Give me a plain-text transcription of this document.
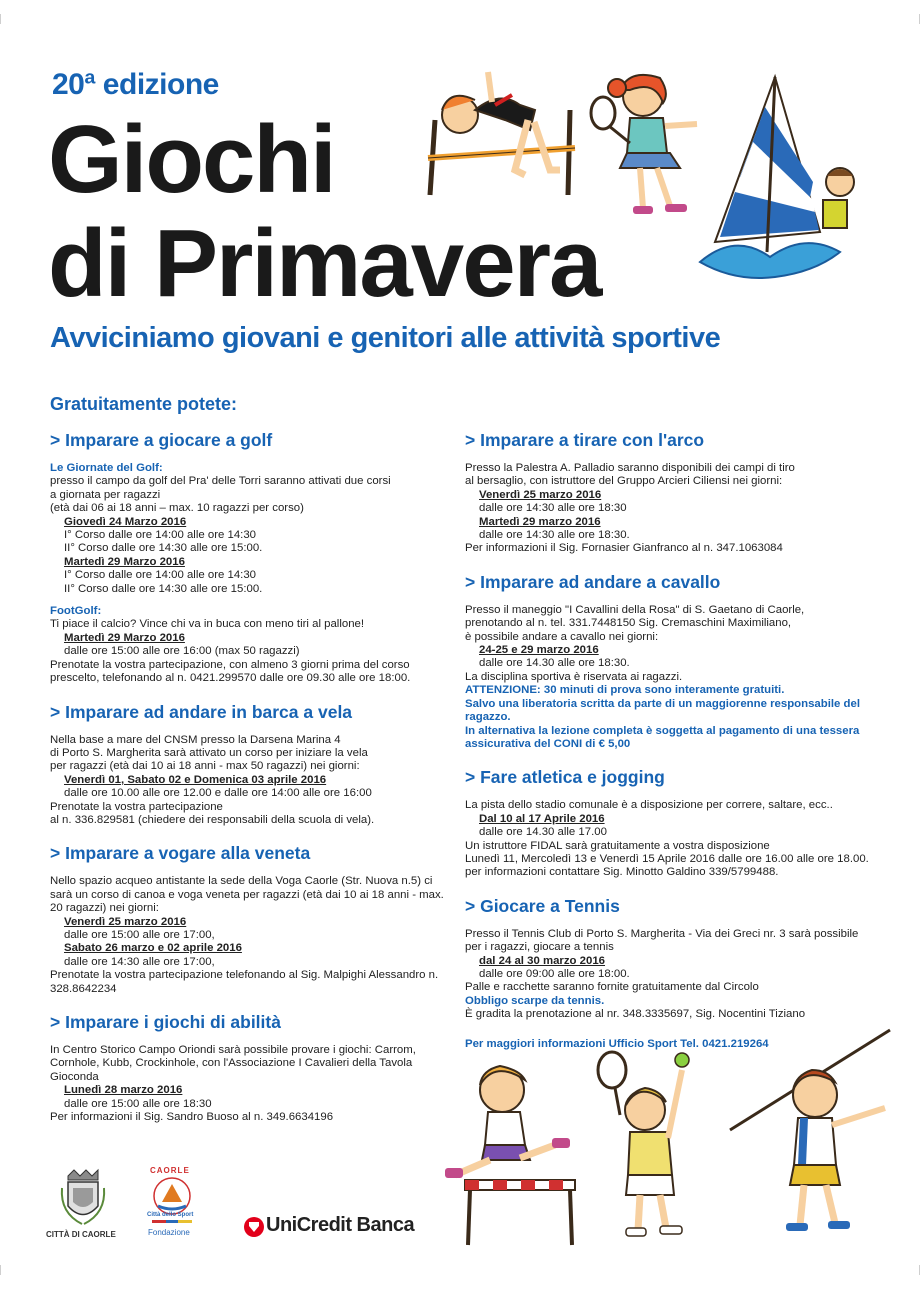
20ª edizione
Giochi
di Primavera
Avviciniamo giovani e genitori alle attività sportive
Gratuitamente potete:
> Imparare a giocare a golf
Le Giornate del Golf:
presso il campo da golf del Pra' delle Torri saranno attivati due corsi
a giornata per ragazzi
(età dai 06 ai 18 anni – max. 10 ragazzi per corso)
Giovedì 24 Marzo 2016
I° Corso dalle ore 14:00 alle ore 14:30
II° Corso dalle ore 14:30 alle ore 15:00.
Martedì 29 Marzo 2016
I° Corso dalle ore 14:00 alle ore 14:30
II° Corso dalle ore 14:30 alle ore 15:00.
FootGolf:
Ti piace il calcio? Vince chi va in buca con meno tiri al pallone!
Martedì 29 Marzo 2016
dalle ore 15:00 alle ore 16:00 (max 50 ragazzi)
Prenotate la vostra partecipazione, con almeno 3 giorni prima del corso
prescelto, telefonando al n. 0421.299570 dalle ore 09.30 alle ore 18:00.
> Imparare ad andare in barca a vela
Nella base a mare del CNSM presso la Darsena Marina 4
di Porto S. Margherita sarà attivato un corso per iniziare la vela
per ragazzi (età dai 10 ai 18 anni - max 50 ragazzi) nei giorni:
Venerdì 01, Sabato 02 e Domenica 03 aprile 2016
dalle ore 10.00 alle ore 12.00 e dalle ore 14:00 alle ore 16:00
Prenotate la vostra partecipazione
al n. 336.829581 (chiedere dei responsabili della scuola di vela).
> Imparare a vogare alla veneta
Nello spazio acqueo antistante la sede della Voga Caorle (Str. Nuova n.5) ci
sarà un corso di canoa e voga veneta per ragazzi (età dai 10 ai 18 anni - max.
20 ragazzi) nei giorni:
Venerdì 25 marzo 2016
dalle ore 15:00 alle ore 17:00,
Sabato 26 marzo e 02 aprile 2016
dalle ore 14:30 alle ore 17:00,
Prenotate la vostra partecipazione telefonando al Sig. Malpighi Alessandro n.
328.8642234
> Imparare i giochi di abilità
In Centro Storico Campo Oriondi sarà possibile provare i giochi: Carrom,
Cornhole, Kubb, Crockinhole, con l'Associazione I Cavalieri della Tavola
Gioconda
Lunedì 28 marzo 2016
dalle ore 15:00 alle ore 18:30
Per informazioni il Sig. Sandro Buoso al n. 349.6634196
> Imparare a tirare con l'arco
Presso la Palestra A. Palladio saranno disponibili dei campi di tiro
al bersaglio, con istruttore del Gruppo Arcieri Ciliensi nei giorni:
Venerdì 25 marzo 2016
dalle ore 14:30 alle ore 18:30
Martedì 29 marzo 2016
dalle ore 14:30 alle ore 18:30.
Per informazioni il Sig. Fornasier Gianfranco al n. 347.1063084
> Imparare ad andare a cavallo
Presso il maneggio "I Cavallini della Rosa" di S. Gaetano di Caorle,
prenotando al n. tel. 331.7448150 Sig. Cremaschini Maximiliano,
è possibile andare a cavallo nei giorni:
24-25 e 29 marzo 2016
dalle ore 14.30 alle ore 18:30.
La disciplina sportiva è riservata ai ragazzi.
ATTENZIONE: 30 minuti di prova sono interamente gratuiti.
Salvo una liberatoria scritta da parte di un maggiorenne responsabile del
ragazzo.
In alternativa la lezione completa è soggetta al pagamento di una tessera
assicurativa del CONI di € 5,00
> Fare atletica e jogging
La pista dello stadio comunale è a disposizione per correre, saltare, ecc..
Dal 10 al 17 Aprile 2016
dalle ore 14.30 alle 17.00
Un istruttore FIDAL sarà gratuitamente a vostra disposizione
Lunedì 11, Mercoledì 13 e Venerdì 15 Aprile 2016 dalle ore 16.00 alle ore 18.00.
per informazioni contattare Sig. Minotto Galdino 339/5799488.
> Giocare a Tennis
Presso il Tennis Club di Porto S. Margherita - Via dei Greci nr. 3 sarà possibile
per i ragazzi, giocare a tennis
dal 24 al 30 marzo 2016
dalle ore 09:00 alle ore 18:00.
Palle e racchette saranno fornite gratuitamente dal Circolo
Obbligo scarpe da tennis.
È gradita la prenotazione al nr. 348.3335697, Sig. Nocentini Tiziano
Per maggiori informazioni Ufficio Sport Tel. 0421.219264
CITTÀ DI CAORLE
CAORLE
Città dello Sport
Fondazione	UniCredit Banca
